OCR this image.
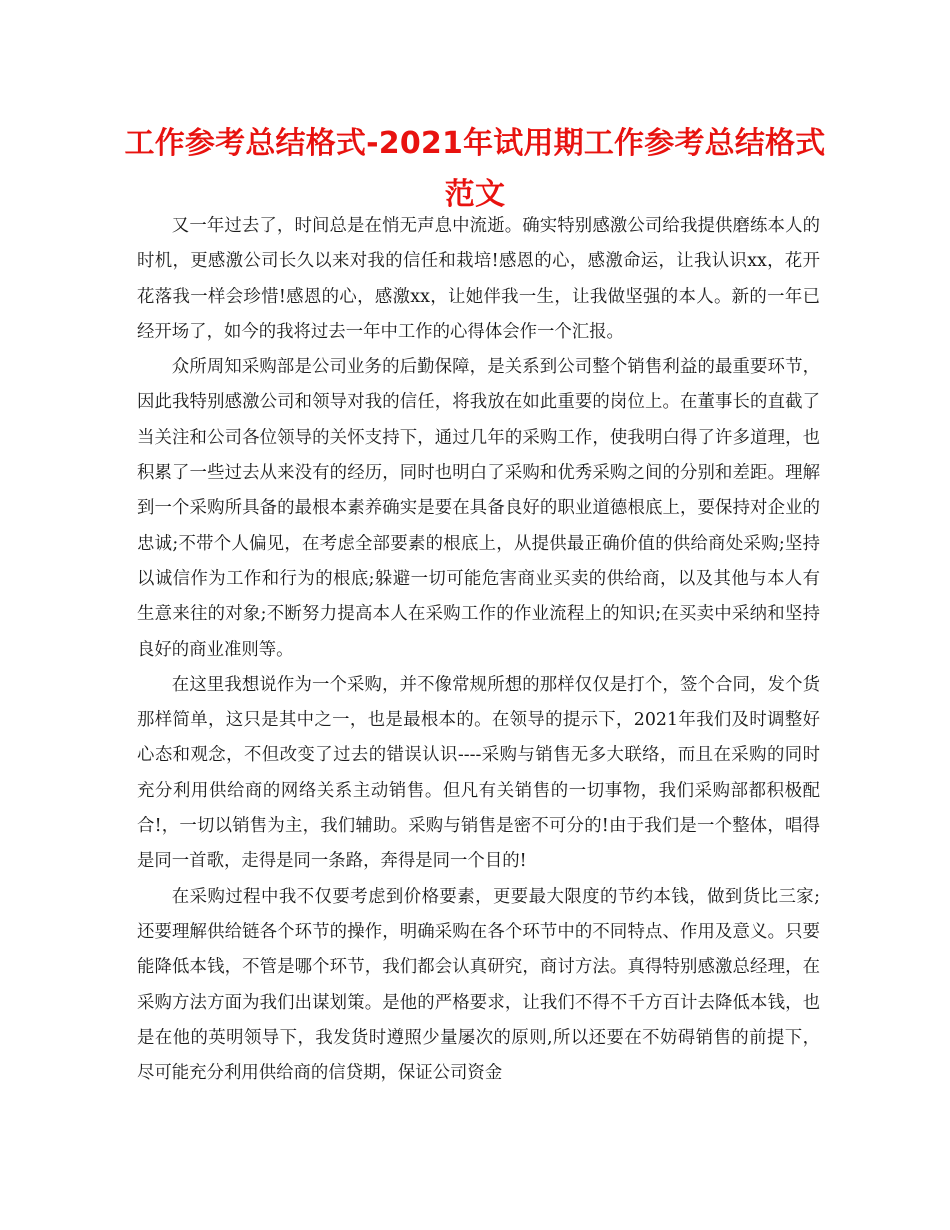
工作参考总结格式-2021年试用期工作参考总结格式范文

又一年过去了，时间总是在悄无声息中流逝。确实特别感激公司给我提供磨练本人的时机，更感激公司长久以来对我的信任和栽培!感恩的心，感激命运，让我认识xx，花开花落我一样会珍惜!感恩的心，感激xx，让她伴我一生，让我做坚强的本人。新的一年已经开场了，如今的我将过去一年中工作的心得体会作一个汇报。

众所周知采购部是公司业务的后勤保障，是关系到公司整个销售利益的最重要环节，因此我特别感激公司和领导对我的信任，将我放在如此重要的岗位上。在董事长的直截了当关注和公司各位领导的关怀支持下，通过几年的采购工作，使我明白得了许多道理，也积累了一些过去从来没有的经历，同时也明白了采购和优秀采购之间的分别和差距。理解到一个采购所具备的最根本素养确实是要在具备良好的职业道德根底上，要保持对企业的忠诚;不带个人偏见，在考虑全部要素的根底上，从提供最正确价值的供给商处采购;坚持以诚信作为工作和行为的根底;躲避一切可能危害商业买卖的供给商，以及其他与本人有生意来往的对象;不断努力提高本人在采购工作的作业流程上的知识;在买卖中采纳和坚持良好的商业准则等。

在这里我想说作为一个采购，并不像常规所想的那样仅仅是打个，签个合同，发个货那样简单，这只是其中之一，也是最根本的。在领导的提示下，2021年我们及时调整好心态和观念，不但改变了过去的错误认识----采购与销售无多大联络，而且在采购的同时充分利用供给商的网络关系主动销售。但凡有关销售的一切事物，我们采购部都积极配合!，一切以销售为主，我们辅助。采购与销售是密不可分的!由于我们是一个整体，唱得是同一首歌，走得是同一条路，奔得是同一个目的!

在采购过程中我不仅要考虑到价格要素，更要最大限度的节约本钱，做到货比三家;还要理解供给链各个环节的操作，明确采购在各个环节中的不同特点、作用及意义。只要能降低本钱，不管是哪个环节，我们都会认真研究，商讨方法。真得特别感激总经理，在采购方法方面为我们出谋划策。是他的严格要求，让我们不得不千方百计去降低本钱，也是在他的英明领导下，我发货时遵照少量屡次的原则,所以还要在不妨碍销售的前提下，尽可能充分利用供给商的信贷期，保证公司资金
